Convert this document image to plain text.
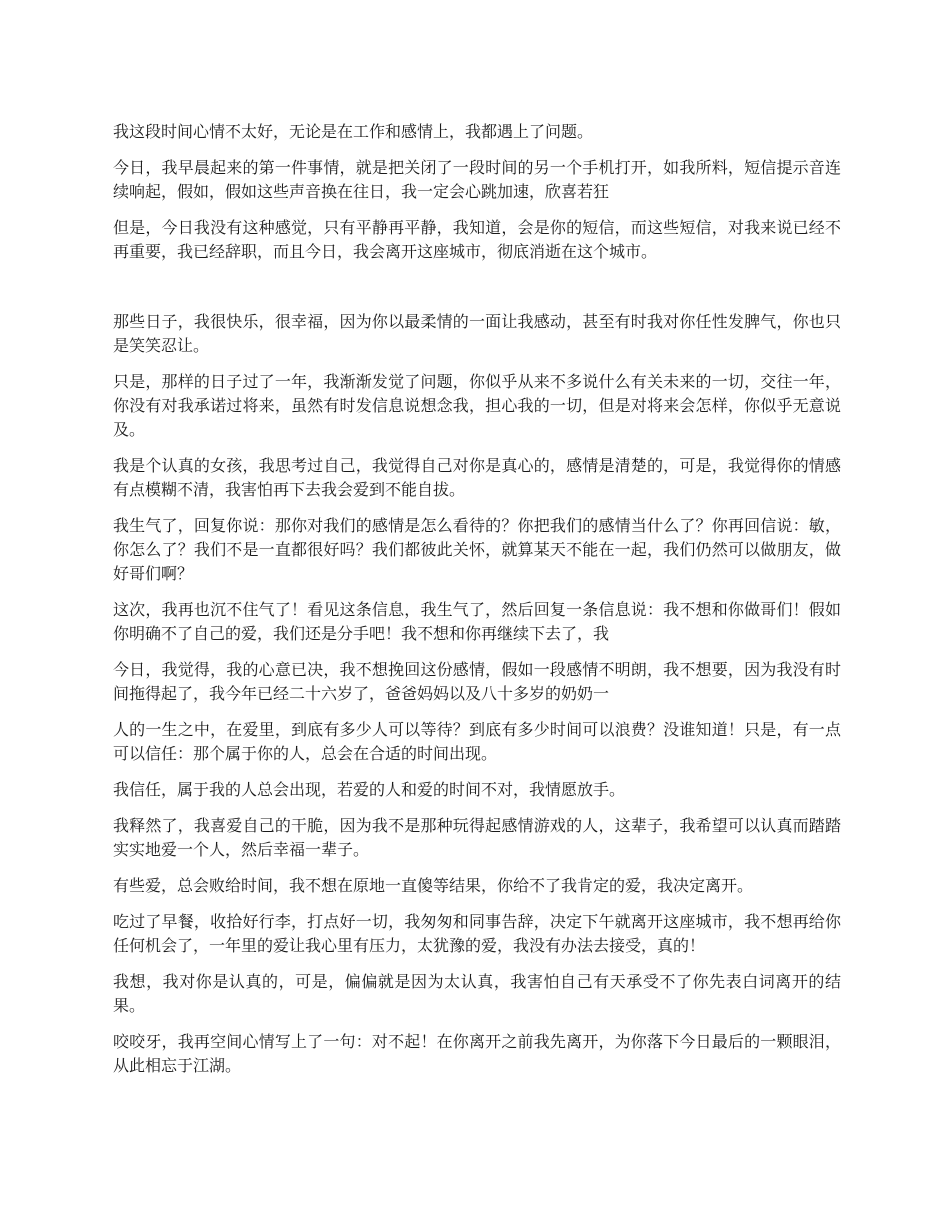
我这段时间心情不太好，无论是在工作和感情上，我都遇上了问题。

今日，我早晨起来的第一件事情，就是把关闭了一段时间的另一个手机打开，如我所料，短信提示音连续响起，假如，假如这些声音换在往日，我一定会心跳加速，欣喜若狂

但是，今日我没有这种感觉，只有平静再平静，我知道，会是你的短信，而这些短信，对我来说已经不再重要，我已经辞职，而且今日，我会离开这座城市，彻底消逝在这个城市。

那些日子，我很快乐，很幸福，因为你以最柔情的一面让我感动，甚至有时我对你任性发脾气，你也只是笑笑忍让。

只是，那样的日子过了一年，我渐渐发觉了问题，你似乎从来不多说什么有关未来的一切，交往一年，你没有对我承诺过将来，虽然有时发信息说想念我，担心我的一切，但是对将来会怎样，你似乎无意说及。

我是个认真的女孩，我思考过自己，我觉得自己对你是真心的，感情是清楚的，可是，我觉得你的情感有点模糊不清，我害怕再下去我会爱到不能自拔。

我生气了，回复你说：那你对我们的感情是怎么看待的？你把我们的感情当什么了？你再回信说：敏，你怎么了？我们不是一直都很好吗？我们都彼此关怀，就算某天不能在一起，我们仍然可以做朋友，做好哥们啊？

这次，我再也沉不住气了！看见这条信息，我生气了，然后回复一条信息说：我不想和你做哥们！假如你明确不了自己的爱，我们还是分手吧！我不想和你再继续下去了，我

今日，我觉得，我的心意已决，我不想挽回这份感情，假如一段感情不明朗，我不想要，因为我没有时间拖得起了，我今年已经二十六岁了，爸爸妈妈以及八十多岁的奶奶一

人的一生之中，在爱里，到底有多少人可以等待？到底有多少时间可以浪费？没谁知道！只是，有一点可以信任：那个属于你的人，总会在合适的时间出现。

我信任，属于我的人总会出现，若爱的人和爱的时间不对，我情愿放手。

我释然了，我喜爱自己的干脆，因为我不是那种玩得起感情游戏的人，这辈子，我希望可以认真而踏踏实实地爱一个人，然后幸福一辈子。

有些爱，总会败给时间，我不想在原地一直傻等结果，你给不了我肯定的爱，我决定离开。

吃过了早餐，收拾好行李，打点好一切，我匆匆和同事告辞，决定下午就离开这座城市，我不想再给你任何机会了，一年里的爱让我心里有压力，太犹豫的爱，我没有办法去接受，真的！

我想，我对你是认真的，可是，偏偏就是因为太认真，我害怕自己有天承受不了你先表白词离开的结果。

咬咬牙，我再空间心情写上了一句：对不起！在你离开之前我先离开，为你落下今日最后的一颗眼泪，从此相忘于江湖。
